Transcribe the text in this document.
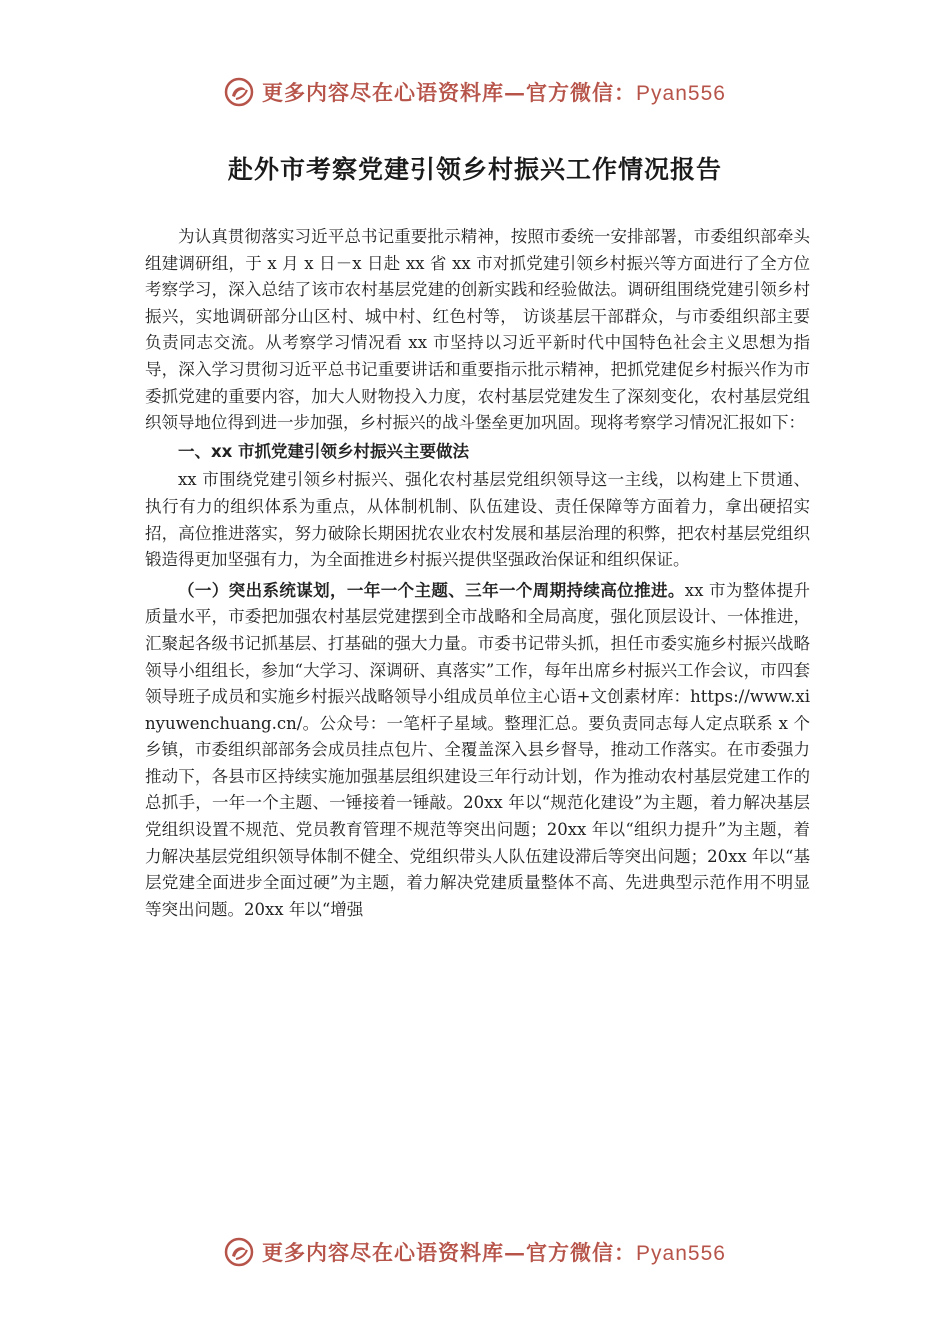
更多内容尽在心语资料库—官方微信：Pyan556
赴外市考察党建引领乡村振兴工作情况报告

为认真贯彻落实习近平总书记重要批示精神，按照市委统一安排部署，市委组织部牵头组建调研组，于 x 月 x 日－x 日赴 xx 省 xx 市对抓党建引领乡村振兴等方面进行了全方位考察学习，深入总结了该市农村基层党建的创新实践和经验做法。调研组围绕党建引领乡村振兴，实地调研部分山区村、城中村、红色村等， 访谈基层干部群众，与市委组织部主要负责同志交流。从考察学习情况看 xx 市坚持以习近平新时代中国特色社会主义思想为指导，深入学习贯彻习近平总书记重要讲话和重要指示批示精神，把抓党建促乡村振兴作为市委抓党建的重要内容，加大人财物投入力度，农村基层党建发生了深刻变化，农村基层党组织领导地位得到进一步加强，乡村振兴的战斗堡垒更加巩固。现将考察学习情况汇报如下：

一、xx 市抓党建引领乡村振兴主要做法

xx 市围绕党建引领乡村振兴、强化农村基层党组织领导这一主线，以构建上下贯通、执行有力的组织体系为重点，从体制机制、队伍建设、责任保障等方面着力，拿出硬招实招，高位推进落实，努力破除长期困扰农业农村发展和基层治理的积弊，把农村基层党组织锻造得更加坚强有力，为全面推进乡村振兴提供坚强政治保证和组织保证。

（一）突出系统谋划，一年一个主题、三年一个周期持续高位推进。xx 市为整体提升质量水平，市委把加强农村基层党建摆到全市战略和全局高度，强化顶层设计、一体推进，汇聚起各级书记抓基层、打基础的强大力量。市委书记带头抓，担任市委实施乡村振兴战略领导小组组长，参加“大学习、深调研、真落实”工作，每年出席乡村振兴工作会议，市四套领导班子成员和实施乡村振兴战略领导小组成员单位主心语+文创素材库：https://www.xinyuwenchuang.cn/。公众号：一笔杆子星域。整理汇总。要负责同志每人定点联系 x 个乡镇，市委组织部部务会成员挂点包片、全覆盖深入县乡督导，推动工作落实。在市委强力推动下，各县市区持续实施加强基层组织建设三年行动计划，作为推动农村基层党建工作的总抓手，一年一个主题、一锤接着一锤敲。20xx 年以“规范化建设”为主题，着力解决基层党组织设置不规范、党员教育管理不规范等突出问题；20xx 年以“组织力提升”为主题，着力解决基层党组织领导体制不健全、党组织带头人队伍建设滞后等突出问题；20xx 年以“基层党建全面进步全面过硬”为主题，着力解决党建质量整体不高、先进典型示范作用不明显等突出问题。20xx 年以“增强

更多内容尽在心语资料库—官方微信：Pyan556
